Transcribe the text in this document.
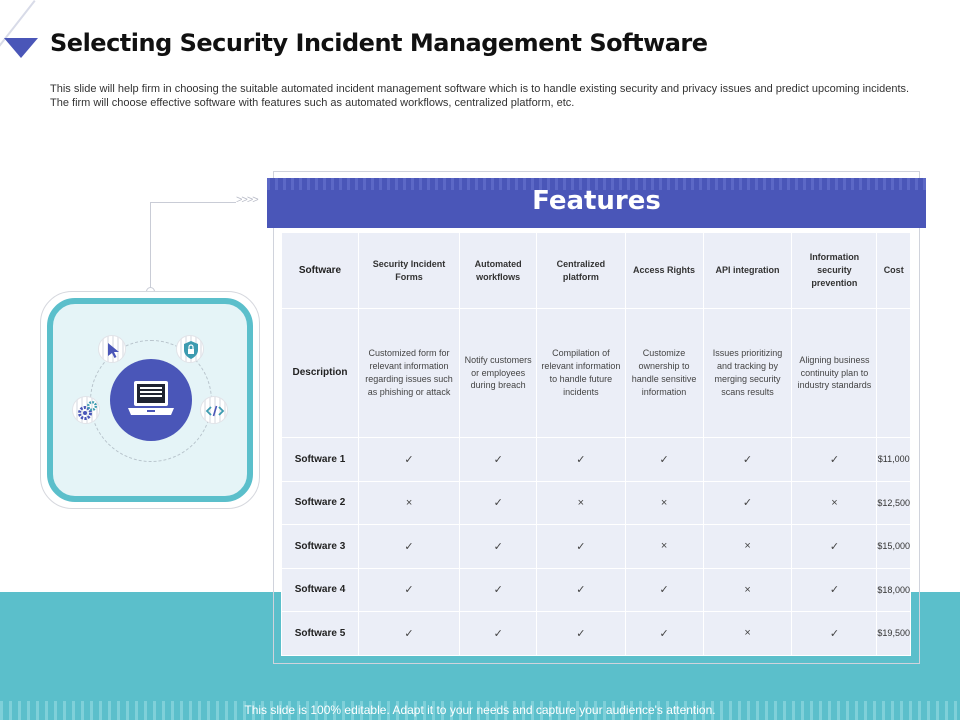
Selecting Security Incident Management Software
This slide will help firm in choosing the suitable automated incident management software which is to handle existing security and privacy issues and predict upcoming incidents. The firm will choose effective software with features such as automated workflows, centralized platform, etc.
This slide is 100% editable. Adapt it to your needs and capture your audience's attention.
>>>>	Features
Software	Security Incident Forms	Automated workflows	Centralized platform	Access Rights	API integration	Information security prevention	Cost
Description	Customized form for relevant information regarding issues such as phishing or attack	Notify customers or employees during breach	Compilation of relevant information to handle future incidents	Customize ownership to handle sensitive information	Issues prioritizing and tracking by merging security scans results	Aligning business continuity plan to industry standards	
Software 1	✓	✓	✓	✓	✓	✓	$11,000
Software 2	×	✓	×	×	✓	×	$12,500
Software 3	✓	✓	✓	×	×	✓	$15,000
Software 4	✓	✓	✓	✓	×	✓	$18,000
Software 5	✓	✓	✓	✓	×	✓	$19,500
